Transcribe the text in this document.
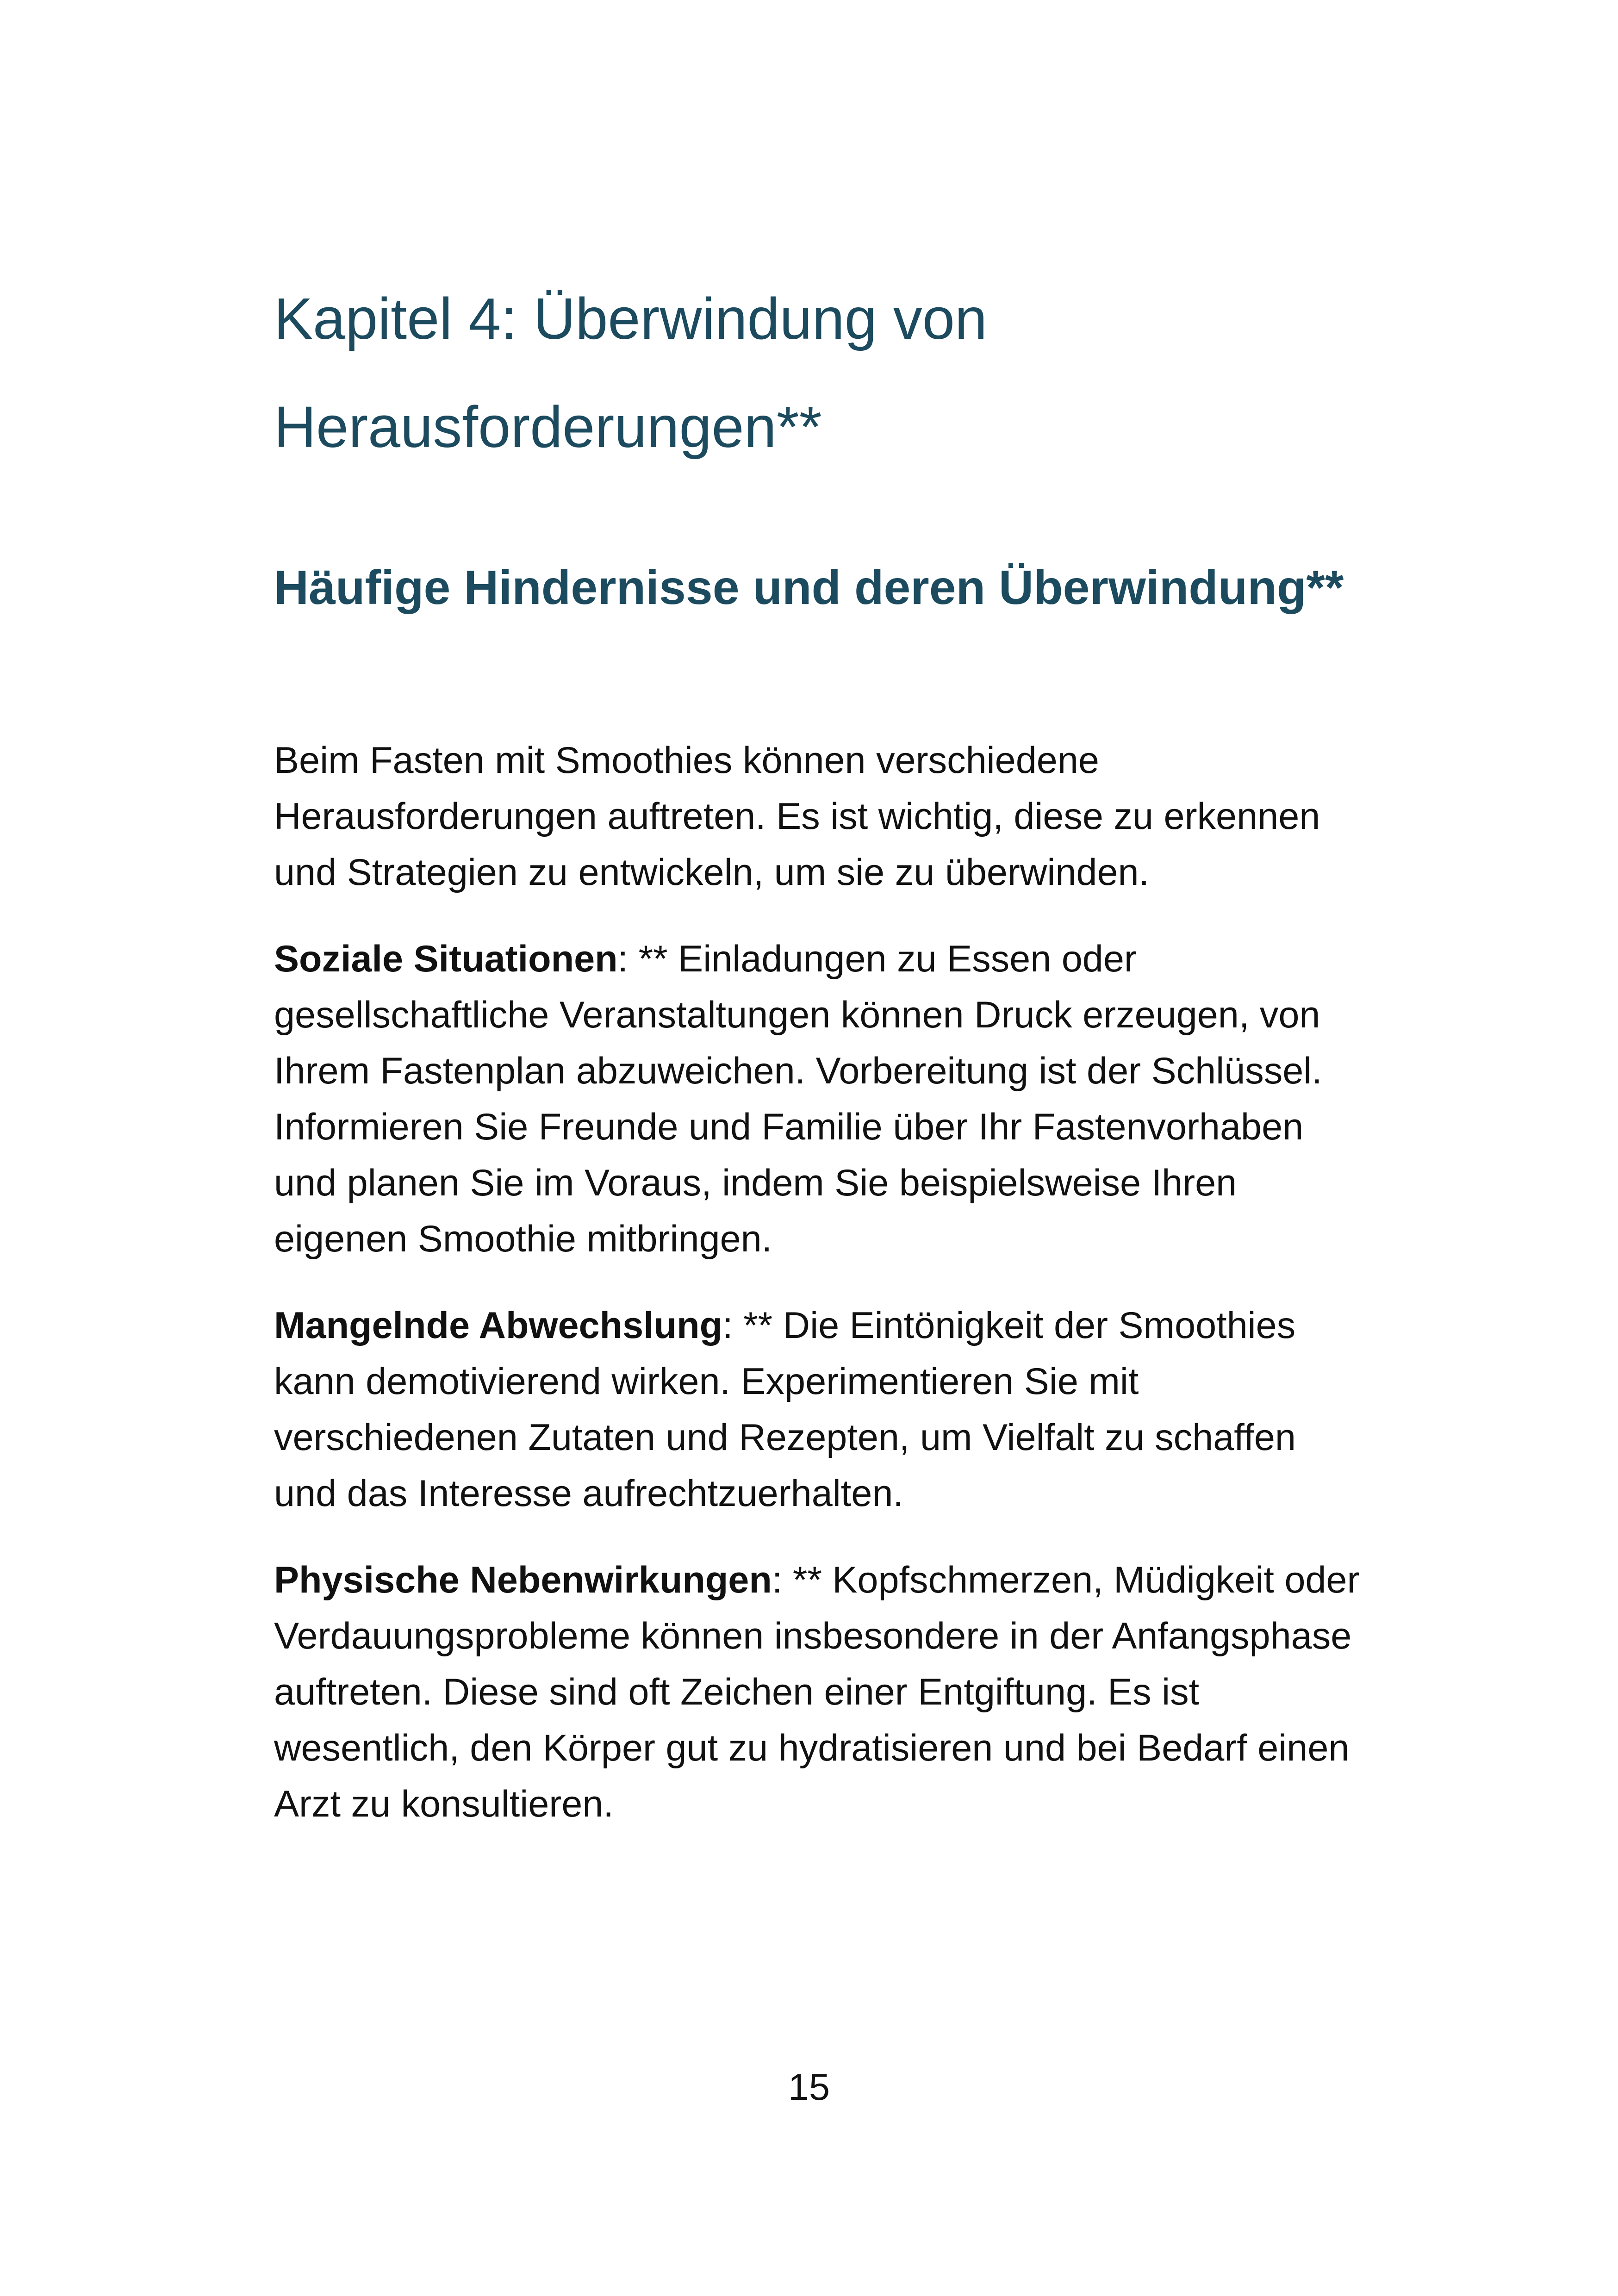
Kapitel 4: Überwindung von
Herausforderungen**
Häufige Hindernisse und deren Überwindung**

Beim Fasten mit Smoothies können verschiedene Herausforderungen auftreten. Es ist wichtig, diese zu erkennen und Strategien zu entwickeln, um sie zu überwinden.

Soziale Situationen: ** Einladungen zu Essen oder gesellschaftliche Veranstaltungen können Druck erzeugen, von Ihrem Fastenplan abzuweichen. Vorbereitung ist der Schlüssel. Informieren Sie Freunde und Familie über Ihr Fastenvorhaben und planen Sie im Voraus, indem Sie beispielsweise Ihren eigenen Smoothie mitbringen.

Mangelnde Abwechslung: ** Die Eintönigkeit der Smoothies kann demotivierend wirken. Experimentieren Sie mit verschiedenen Zutaten und Rezepten, um Vielfalt zu schaffen und das Interesse aufrechtzuerhalten.

Physische Nebenwirkungen: ** Kopfschmerzen, Müdigkeit oder Verdauungsprobleme können insbesondere in der Anfangsphase auftreten. Diese sind oft Zeichen einer Entgiftung. Es ist wesentlich, den Körper gut zu hydratisieren und bei Bedarf einen Arzt zu konsultieren.

15
